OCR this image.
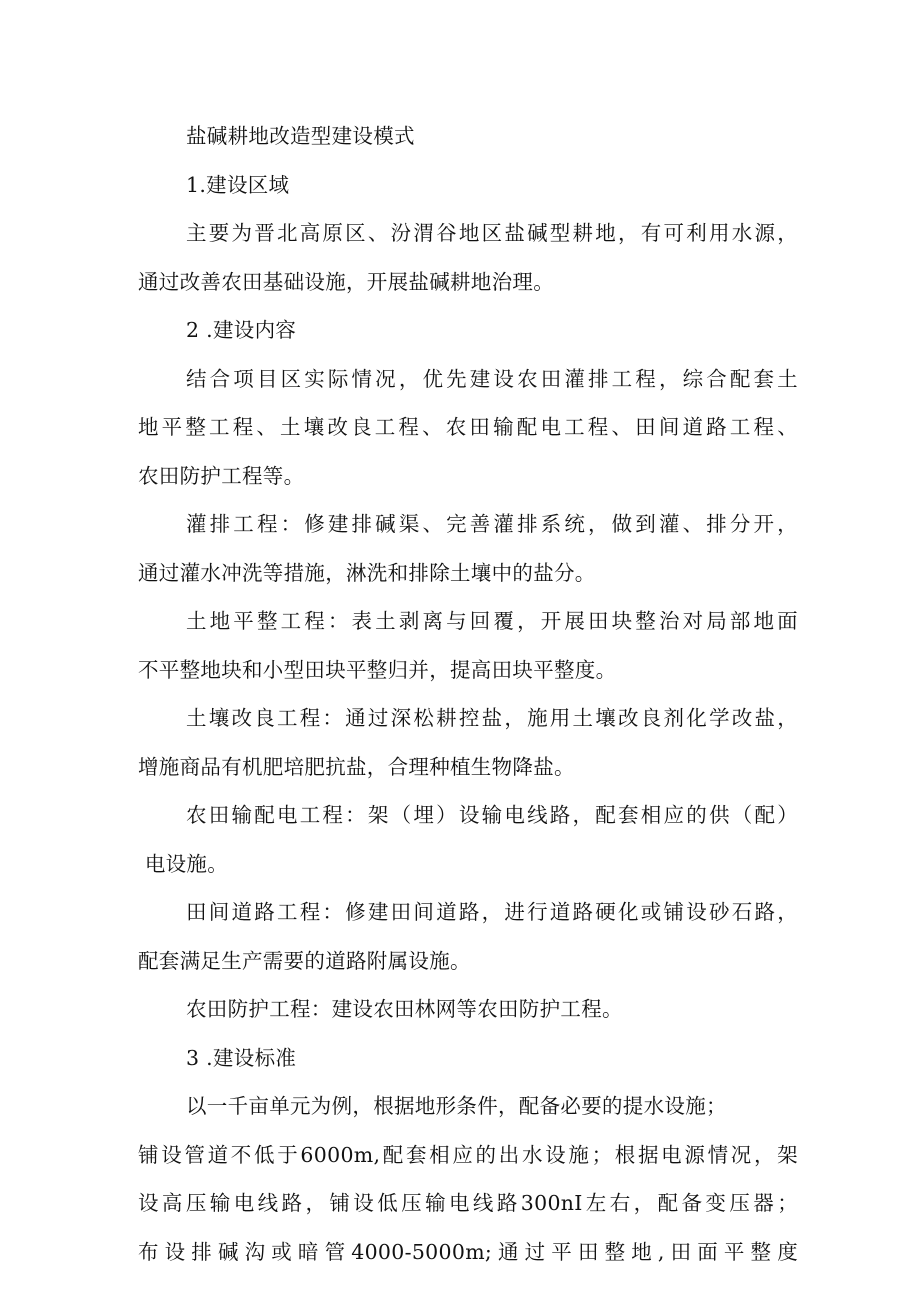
盐碱耕地改造型建设模式
1.建设区域
主要为晋北高原区、汾渭谷地区盐碱型耕地，有可利用水源，
通过改善农田基础设施，开展盐碱耕地治理。
2 .建设内容
结合项目区实际情况，优先建设农田灌排工程，综合配套土
地平整工程、土壤改良工程、农田输配电工程、田间道路工程、
农田防护工程等。
灌排工程：修建排碱渠、完善灌排系统，做到灌、排分开，
通过灌水冲洗等措施，淋洗和排除土壤中的盐分。
土地平整工程：表土剥离与回覆，开展田块整治对局部地面
不平整地块和小型田块平整归并，提高田块平整度。
土壤改良工程：通过深松耕控盐，施用土壤改良剂化学改盐，
增施商品有机肥培肥抗盐，合理种植生物降盐。
农田输配电工程：架（埋）设输电线路，配套相应的供（配）
电设施。
田间道路工程：修建田间道路，进行道路硬化或铺设砂石路，
配套满足生产需要的道路附属设施。
农田防护工程：建设农田林网等农田防护工程。
3 .建设标准
以一千亩单元为例，根据地形条件，配备必要的提水设施；
铺设管道不低于6000m,配套相应的出水设施；根据电源情况，架
设高压输电线路，铺设低压输电线路300nI左右，配备变压器；
布设排碱沟或暗管4000-5000m;通过平田整地,田面平整度
